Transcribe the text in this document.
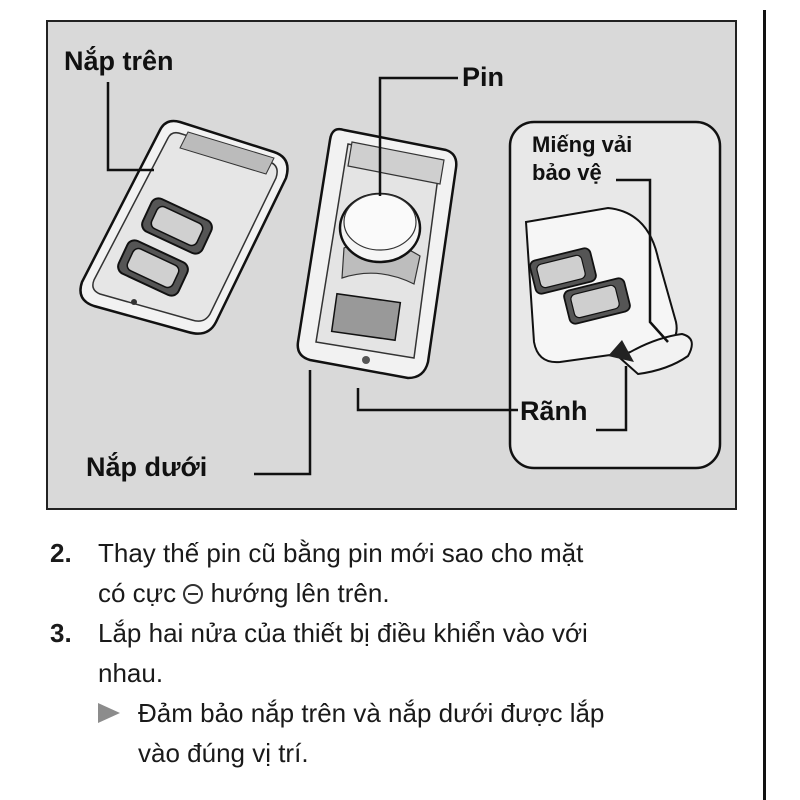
Nắp trên
Pin
Miếng vải
bảo vệ
Rãnh
Nắp dưới
2. Thay thế pin cũ bằng pin mới sao cho mặt
có cực hướng lên trên.
3. Lắp hai nửa của thiết bị điều khiển vào với
nhau.
Đảm bảo nắp trên và nắp dưới được lắp
vào đúng vị trí.
